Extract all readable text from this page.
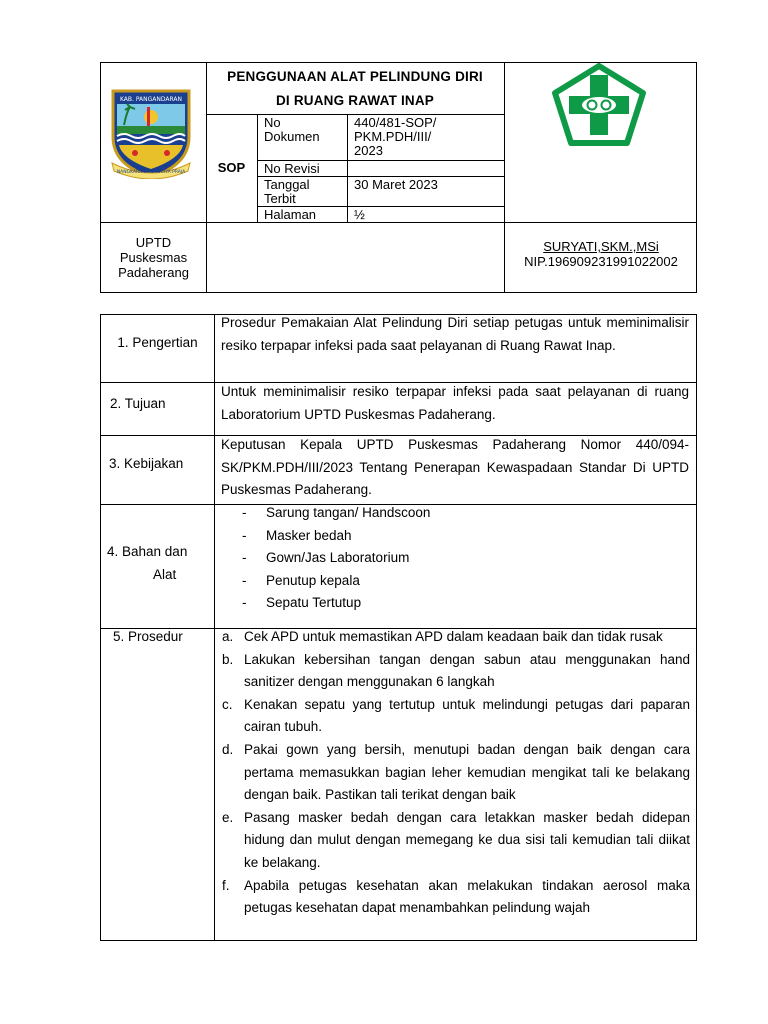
KAB. PANGANDARAN
NANGKARAKA MAKARYA PRAJA
PENGGUNAAN ALAT PELINDUNG DIRI
DI RUANG RAWAT INAP
SOP
No
Dokumen
440/481-SOP/
PKM.PDH/III/
2023
No Revisi
Tanggal
Terbit
30 Maret 2023
Halaman	½
UPTD
Puskesmas
Padaherang
SURYATI,SKM.,MSi
NIP.196909231991022002
1. Pengertian
Prosedur Pemakaian Alat Pelindung Diri setiap petugas untuk meminimalisir resiko terpapar infeksi pada saat pelayanan di Ruang Rawat Inap.
2. Tujuan
Untuk meminimalisir resiko terpapar infeksi pada saat pelayanan di ruang Laboratorium UPTD Puskesmas Padaherang.
3. Kebijakan
Keputusan Kepala UPTD Puskesmas Padaherang Nomor 440/094-SK/PKM.PDH/III/2023 Tentang Penerapan Kewaspadaan Standar Di UPTD Puskesmas Padaherang.
4. Bahan dan
Alat
- Sarung tangan/ Handscoon
- Masker bedah
- Gown/Jas Laboratorium
- Penutup kepala
- Sepatu Tertutup
5. Prosedur	a. Cek APD untuk memastikan APD dalam keadaan baik dan tidak rusak
b. Lakukan kebersihan tangan dengan sabun atau menggunakan hand sanitizer dengan menggunakan 6 langkah
c. Kenakan sepatu yang tertutup untuk melindungi petugas dari paparan cairan tubuh.
d. Pakai gown yang bersih, menutupi badan dengan baik dengan cara pertama memasukkan bagian leher kemudian mengikat tali ke belakang dengan baik. Pastikan tali terikat dengan baik
e. Pasang masker bedah dengan cara letakkan masker bedah didepan hidung dan mulut dengan memegang ke dua sisi tali kemudian tali diikat ke belakang.
f. Apabila petugas kesehatan akan melakukan tindakan aerosol maka petugas kesehatan dapat menambahkan pelindung wajah
